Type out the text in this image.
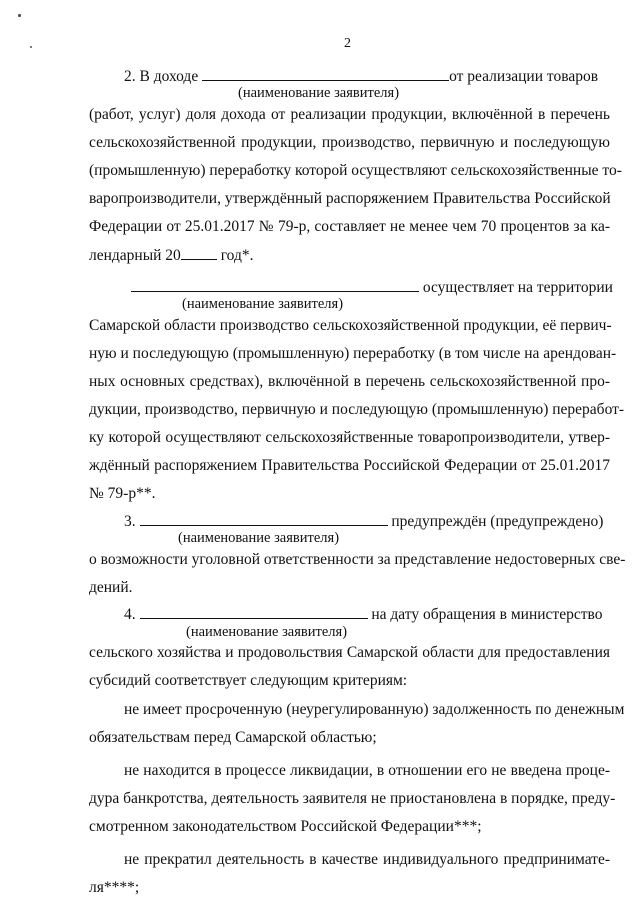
2
2. В доходе	от реализации товаров
(наименование заявителя)
(работ, услуг) доля дохода от реализации продукции, включённой в перечень
сельскохозяйственной продукции, производство, первичную и последующую
(промышленную) переработку которой осуществляют сельскохозяйственные то-
варопроизводители, утверждённый распоряжением Правительства Российской
Федерации от 25.01.2017 № 79-р, составляет не менее чем 70 процентов за ка-
лендарный 20	год*.
осуществляет на территории
(наименование заявителя)
Самарской области производство сельскохозяйственной продукции, её первич-
ную и последующую (промышленную) переработку (в том числе на арендован-
ных основных средствах), включённой в перечень сельскохозяйственной про-
дукции, производство, первичную и последующую (промышленную) переработ-
ку которой осуществляют сельскохозяйственные товаропроизводители, утвер-
ждённый распоряжением Правительства Российской Федерации от 25.01.2017
№ 79-р**.
3.	предупреждён (предупреждено)
(наименование заявителя)
о возможности уголовной ответственности за представление недостоверных све-
дений.
4.	на дату обращения в министерство
(наименование заявителя)
сельского хозяйства и продовольствия Самарской области для предоставления
субсидий соответствует следующим критериям:
не имеет просроченную (неурегулированную) задолженность по денежным
обязательствам перед Самарской областью;
не находится в процессе ликвидации, в отношении его не введена проце-
дура банкротства, деятельность заявителя не приостановлена в порядке, преду-
смотренном законодательством Российской Федерации***;
не прекратил деятельность в качестве индивидуального предпринимате-
ля****;
